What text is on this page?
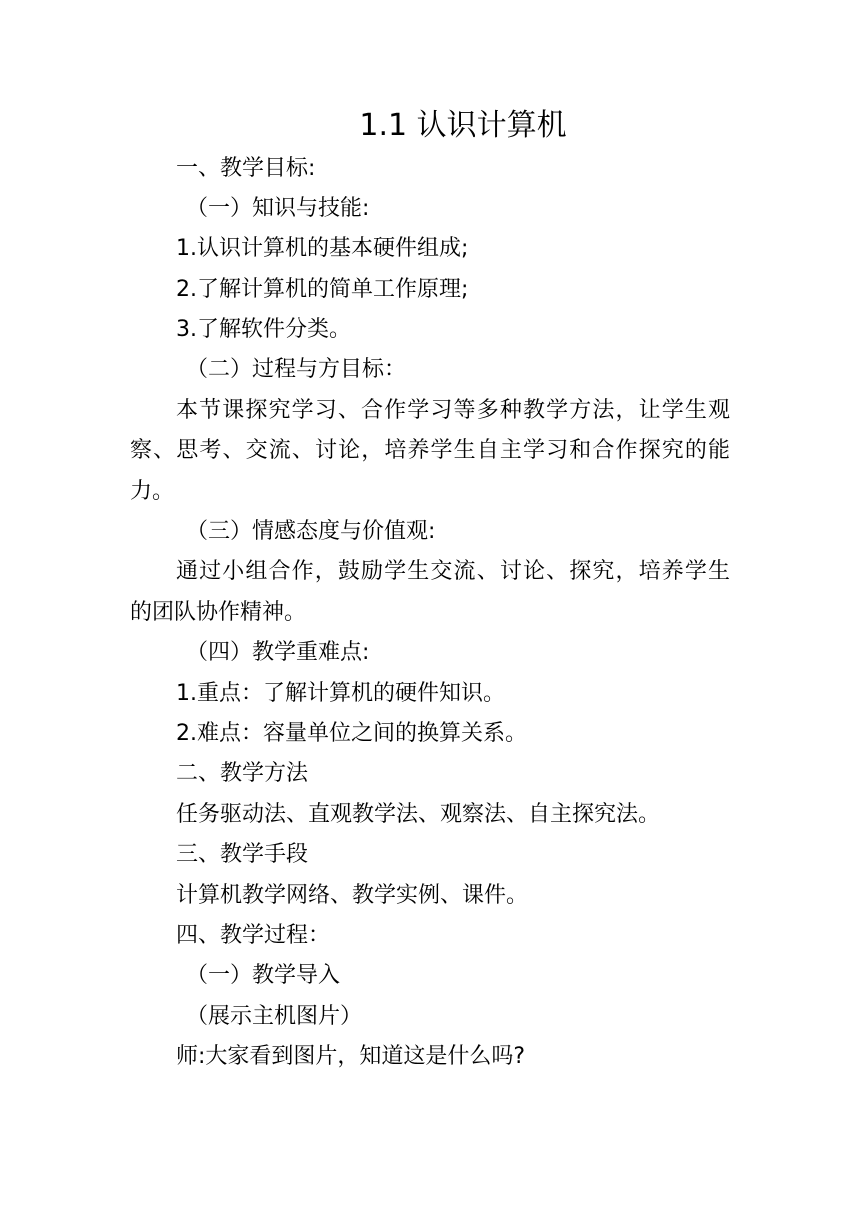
1.1 认识计算机
一、教学目标:
（一）知识与技能:
1.认识计算机的基本硬件组成;
2.了解计算机的简单工作原理;
3.了解软件分类。
（二）过程与方目标：
本节课探究学习、合作学习等多种教学方法，让学生观
察、思考、交流、讨论，培养学生自主学习和合作探究的能
力。
（三）情感态度与价值观:
通过小组合作，鼓励学生交流、讨论、探究，培养学生
的团队协作精神。
（四）教学重难点:
1.重点：了解计算机的硬件知识。
2.难点：容量单位之间的换算关系。
二、教学方法
任务驱动法、直观教学法、观察法、自主探究法。
三、教学手段
计算机教学网络、教学实例、课件。
四、教学过程：
（一）教学导入
（展示主机图片）
师:大家看到图片，知道这是什么吗?
